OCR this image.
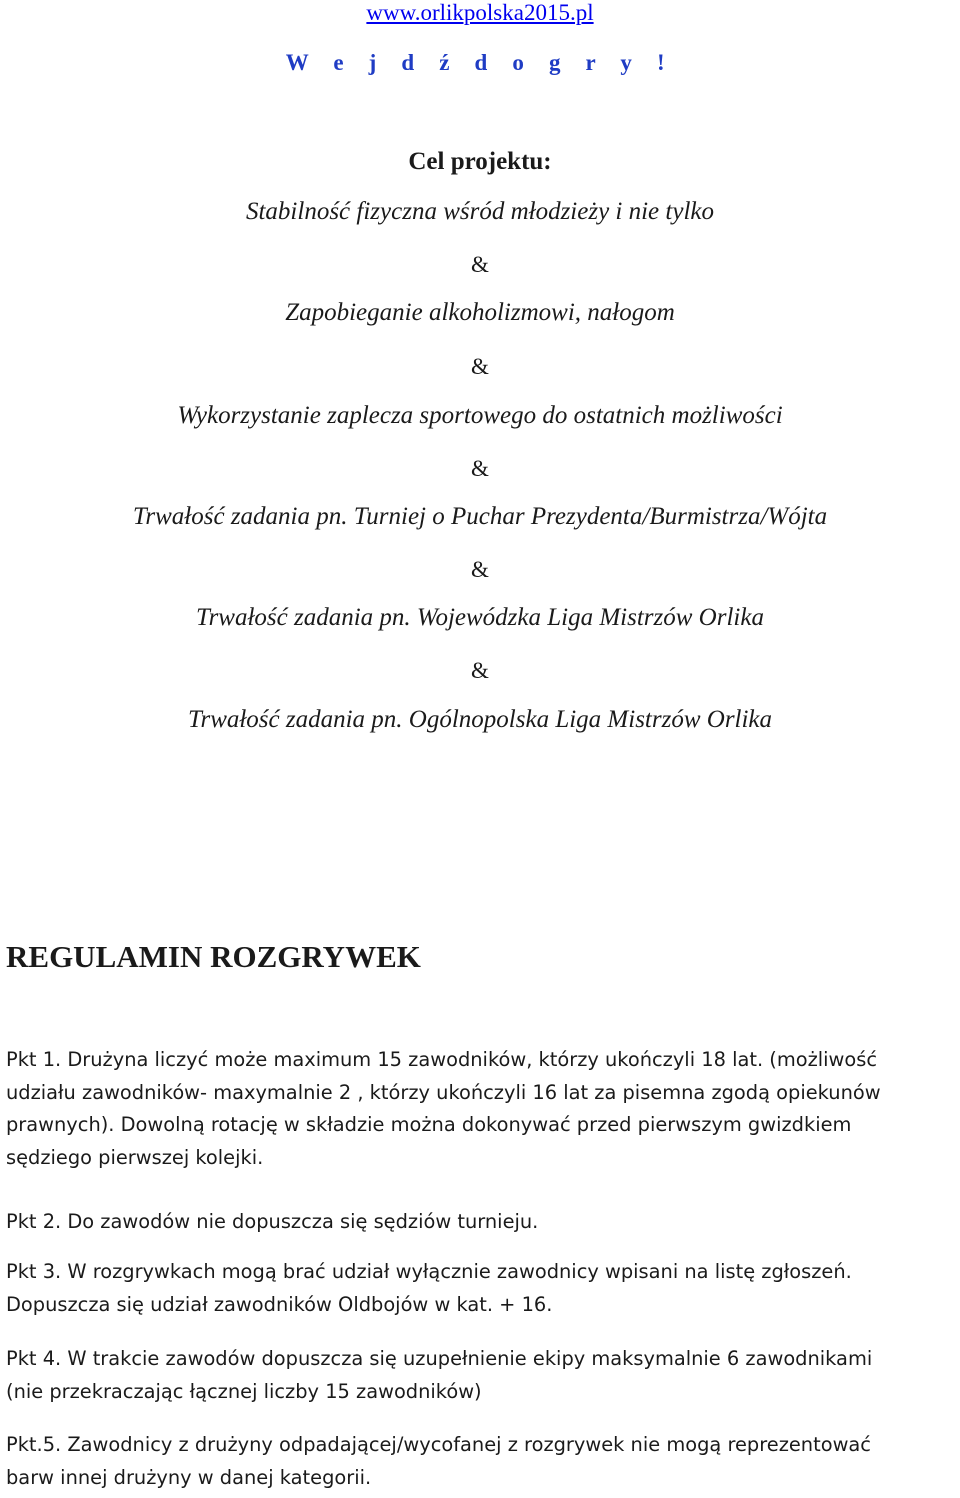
www.orlikpolska2015.pl
W e j d ź d o g r y !
Cel projektu:
Stabilność fizyczna wśród młodzieży i nie tylko
&
Zapobieganie alkoholizmowi, nałogom
&
Wykorzystanie zaplecza sportowego do ostatnich możliwości
&
Trwałość zadania pn. Turniej o Puchar Prezydenta/Burmistrza/Wójta
&
Trwałość zadania pn. Wojewódzka Liga Mistrzów Orlika
&
Trwałość zadania pn. Ogólnopolska Liga Mistrzów Orlika
REGULAMIN ROZGRYWEK
Pkt 1. Drużyna liczyć może maximum 15 zawodników, którzy ukończyli 18 lat. (możliwość
udziału zawodników- maxymalnie 2 , którzy ukończyli 16 lat za pisemna zgodą opiekunów
prawnych). Dowolną rotację w składzie można dokonywać przed pierwszym gwizdkiem
sędziego pierwszej kolejki.
Pkt 2. Do zawodów nie dopuszcza się sędziów turnieju.
Pkt 3. W rozgrywkach mogą brać udział wyłącznie zawodnicy wpisani na listę zgłoszeń.
Dopuszcza się udział zawodników Oldbojów w kat. + 16.
Pkt 4. W trakcie zawodów dopuszcza się uzupełnienie ekipy maksymalnie 6 zawodnikami
(nie przekraczając łącznej liczby 15 zawodników)
Pkt.5. Zawodnicy z drużyny odpadającej/wycofanej z rozgrywek nie mogą reprezentować
barw innej drużyny w danej kategorii.
